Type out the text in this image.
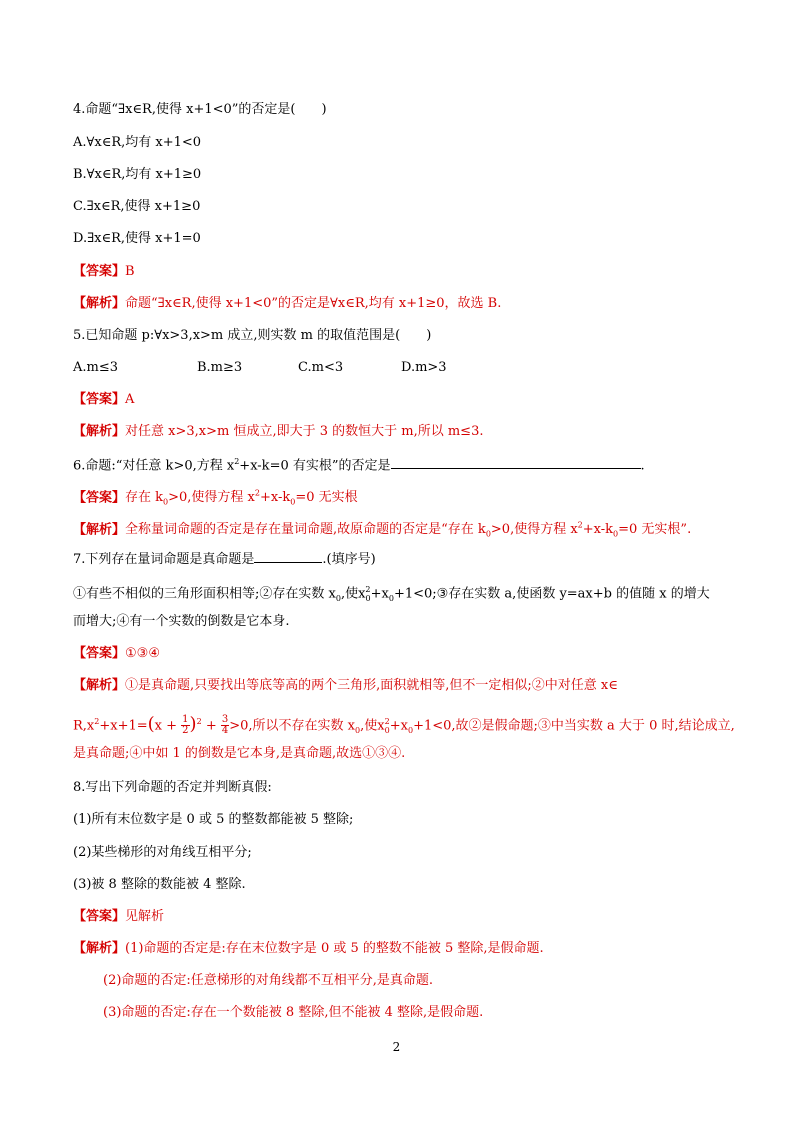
4.命题“∃x∈R,使得 x+1<0”的否定是(　　)
A.∀x∈R,均有 x+1<0
B.∀x∈R,均有 x+1≥0
C.∃x∈R,使得 x+1≥0
D.∃x∈R,使得 x+1=0
【答案】B
【解析】命题“∃x∈R,使得 x+1<0”的否定是∀x∈R,均有 x+1≥0，故选 B.
5.已知命题 p:∀x>3,x>m 成立,则实数 m 的取值范围是(　　)
A.m≤3	B.m≥3	C.m<3	D.m>3
【答案】A
【解析】对任意 x>3,x>m 恒成立,即大于 3 的数恒大于 m,所以 m≤3.
6.命题:“对任意 k>0,方程 $x^2+x-k=0$ 有实根”的否定是	.
【答案】存在 $k_0>0$,使得方程 $x^2+x-k_0=0$ 无实根
【解析】全称量词命题的否定是存在量词命题,故原命题的否定是“存在 $k_0>0$,使得方程 $x^2+x-k_0=0$ 无实根”.
7.下列存在量词命题是真命题是	.(填序号)
①有些不相似的三角形面积相等;②存在实数 $x_0$,使$x^2_0+x_0+1<0;③$存在实数 a,使函数 y=ax+b 的值随 x 的增大
而增大;④有一个实数的倒数是它本身.
【答案】①③④
【解析】①是真命题,只要找出等底等高的两个三角形,面积就相等,但不一定相似;②中对任意 x∈
$R,x^2+x+1=(x + \frac{1}{2} )^2 + \frac{3}{4} >0$,所以不存在实数 $x_0$,使$x^2_0+x_0+1<0$,故②是假命题;③中当实数 a 大于 0 时,结论成立,
是真命题;④中如 1 的倒数是它本身,是真命题,故选①③④.
8.写出下列命题的否定并判断真假:
(1)所有末位数字是 0 或 5 的整数都能被 5 整除;
(2)某些梯形的对角线互相平分;
(3)被 8 整除的数能被 4 整除.
【答案】见解析
【解析】(1)命题的否定是:存在末位数字是 0 或 5 的整数不能被 5 整除,是假命题.
(2)命题的否定:任意梯形的对角线都不互相平分,是真命题.
(3)命题的否定:存在一个数能被 8 整除,但不能被 4 整除,是假命题.
2
